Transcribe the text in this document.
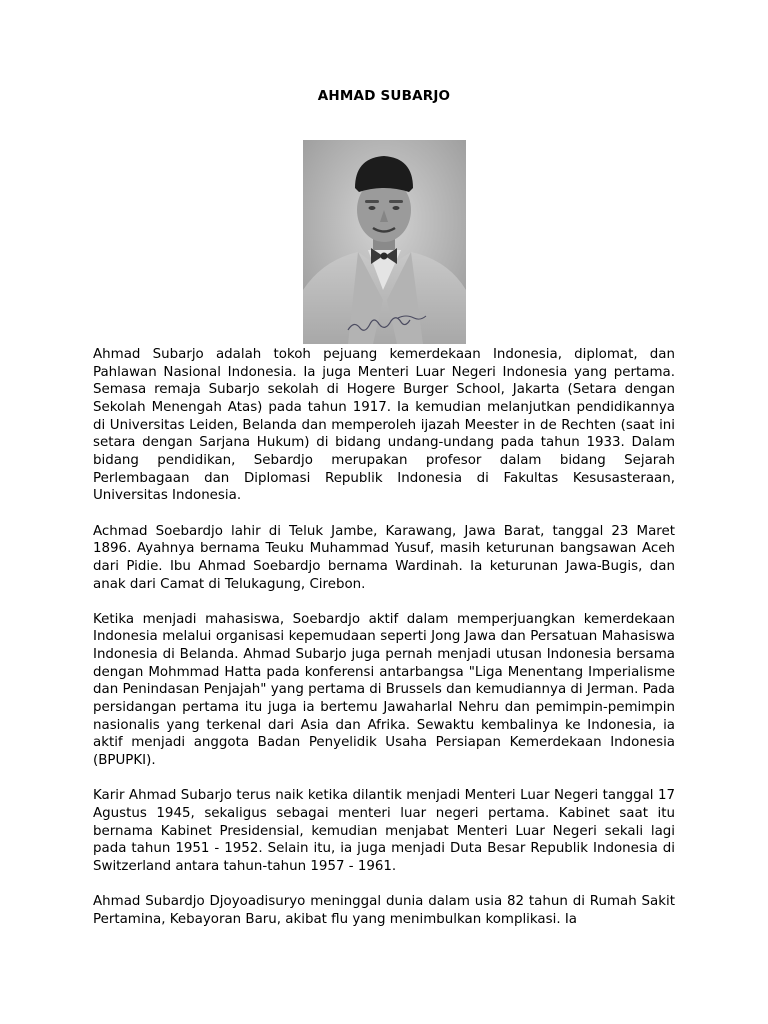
AHMAD SUBARJO

Ahmad Subarjo adalah tokoh pejuang kemerdekaan Indonesia, diplomat, dan Pahlawan Nasional Indonesia. Ia juga Menteri Luar Negeri Indonesia yang pertama. Semasa remaja Subarjo sekolah di Hogere Burger School, Jakarta (Setara dengan Sekolah Menengah Atas) pada tahun 1917. Ia kemudian melanjutkan pendidikannya di Universitas Leiden, Belanda dan memperoleh ijazah Meester in de Rechten (saat ini setara dengan Sarjana Hukum) di bidang undang-undang pada tahun 1933. Dalam bidang pendidikan, Sebardjo merupakan profesor dalam bidang Sejarah Perlembagaan dan Diplomasi Republik Indonesia di Fakultas Kesusasteraan, Universitas Indonesia.

Achmad Soebardjo lahir di Teluk Jambe, Karawang, Jawa Barat, tanggal 23 Maret 1896. Ayahnya bernama Teuku Muhammad Yusuf, masih keturunan bangsawan Aceh dari Pidie. Ibu Ahmad Soebardjo bernama Wardinah. Ia keturunan Jawa-Bugis, dan anak dari Camat di Telukagung, Cirebon.

Ketika menjadi mahasiswa, Soebardjo aktif dalam memperjuangkan kemerdekaan Indonesia melalui organisasi kepemudaan seperti Jong Jawa dan Persatuan Mahasiswa Indonesia di Belanda. Ahmad Subarjo juga pernah menjadi utusan Indonesia bersama dengan Mohmmad Hatta pada konferensi antarbangsa "Liga Menentang Imperialisme dan Penindasan Penjajah" yang pertama di Brussels dan kemudiannya di Jerman. Pada persidangan pertama itu juga ia bertemu Jawaharlal Nehru dan pemimpin-pemimpin nasionalis yang terkenal dari Asia dan Afrika. Sewaktu kembalinya ke Indonesia, ia aktif menjadi anggota Badan Penyelidik Usaha Persiapan Kemerdekaan Indonesia (BPUPKI).

Karir Ahmad Subarjo terus naik ketika dilantik menjadi Menteri Luar Negeri tanggal 17 Agustus 1945, sekaligus sebagai menteri luar negeri pertama. Kabinet saat itu bernama Kabinet Presidensial, kemudian menjabat Menteri Luar Negeri sekali lagi pada tahun 1951 - 1952. Selain itu, ia juga menjadi Duta Besar Republik Indonesia di Switzerland antara tahun-tahun 1957 - 1961.

Ahmad Subardjo Djoyoadisuryo meninggal dunia dalam usia 82 tahun di Rumah Sakit Pertamina, Kebayoran Baru, akibat flu yang menimbulkan komplikasi. Ia
